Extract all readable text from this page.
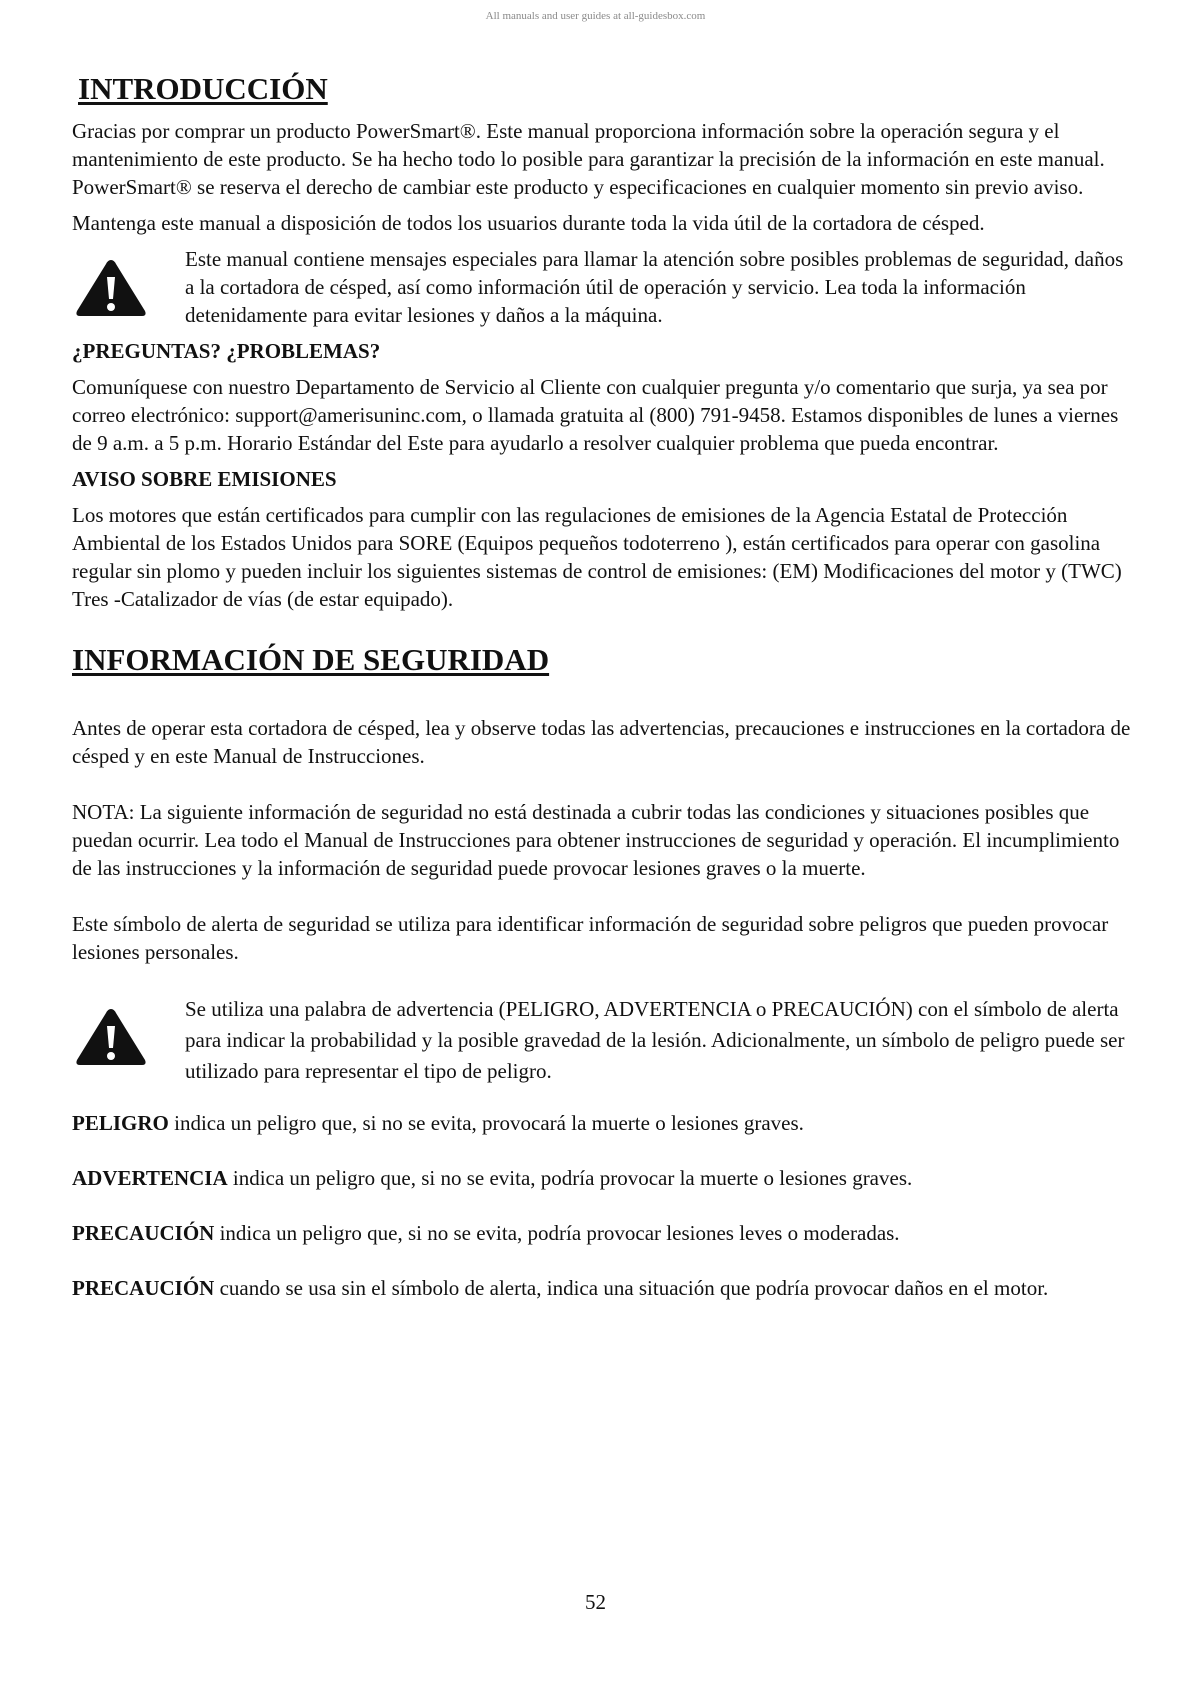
All manuals and user guides at all-guidesbox.com
INTRODUCCIÓN

Gracias por comprar un producto PowerSmart®. Este manual proporciona información sobre la operación segura y el mantenimiento de este producto. Se ha hecho todo lo posible para garantizar la precisión de la información en este manual. PowerSmart® se reserva el derecho de cambiar este producto y especificaciones en cualquier momento sin previo aviso.

Mantenga este manual a disposición de todos los usuarios durante toda la vida útil de la cortadora de césped.

Este manual contiene mensajes especiales para llamar la atención sobre posibles problemas de seguridad, daños a la cortadora de césped, así como información útil de operación y servicio. Lea toda la información detenidamente para evitar lesiones y daños a la máquina.

¿PREGUNTAS? ¿PROBLEMAS?

Comuníquese con nuestro Departamento de Servicio al Cliente con cualquier pregunta y/o comentario que surja, ya sea por correo electrónico: support@amerisuninc.com, o llamada gratuita al (800) 791-9458. Estamos disponibles de lunes a viernes de 9 a.m. a 5 p.m. Horario Estándar del Este para ayudarlo a resolver cualquier problema que pueda encontrar.

AVISO SOBRE EMISIONES

Los motores que están certificados para cumplir con las regulaciones de emisiones de la Agencia Estatal de Protección Ambiental de los Estados Unidos para SORE (Equipos pequeños todoterreno ), están certificados para operar con gasolina regular sin plomo y pueden incluir los siguientes sistemas de control de emisiones: (EM) Modificaciones del motor y (TWC) Tres -Catalizador de vías (de estar equipado).

INFORMACIÓN DE SEGURIDAD

Antes de operar esta cortadora de césped, lea y observe todas las advertencias, precauciones e instrucciones en la cortadora de césped y en este Manual de Instrucciones.

NOTA: La siguiente información de seguridad no está destinada a cubrir todas las condiciones y situaciones posibles que puedan ocurrir. Lea todo el Manual de Instrucciones para obtener instrucciones de seguridad y operación. El incumplimiento de las instrucciones y la información de seguridad puede provocar lesiones graves o la muerte.

Este símbolo de alerta de seguridad se utiliza para identificar información de seguridad sobre peligros que pueden provocar lesiones personales.

Se utiliza una palabra de advertencia (PELIGRO, ADVERTENCIA o PRECAUCIÓN) con el símbolo de alerta para indicar la probabilidad y la posible gravedad de la lesión. Adicionalmente, un símbolo de peligro puede ser utilizado para representar el tipo de peligro.

PELIGRO indica un peligro que, si no se evita, provocará la muerte o lesiones graves.

ADVERTENCIA indica un peligro que, si no se evita, podría provocar la muerte o lesiones graves.

PRECAUCIÓN indica un peligro que, si no se evita, podría provocar lesiones leves o moderadas.

PRECAUCIÓN cuando se usa sin el símbolo de alerta, indica una situación que podría provocar daños en el motor.

52
